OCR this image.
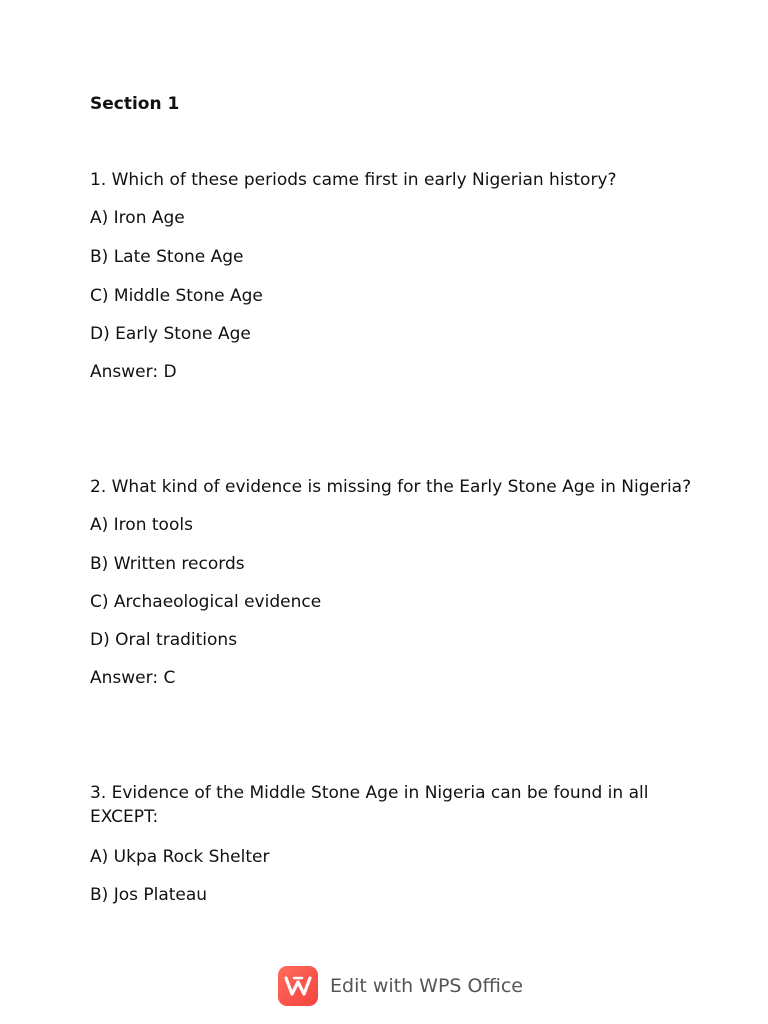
Section 1
1. Which of these periods came first in early Nigerian history?
A) Iron Age
B) Late Stone Age
C) Middle Stone Age
D) Early Stone Age
Answer: D
2. What kind of evidence is missing for the Early Stone Age in Nigeria?
A) Iron tools
B) Written records
C) Archaeological evidence
D) Oral traditions
Answer: C
3. Evidence of the Middle Stone Age in Nigeria can be found in all EXCEPT:
A) Ukpa Rock Shelter
B) Jos Plateau
Edit with WPS Office
